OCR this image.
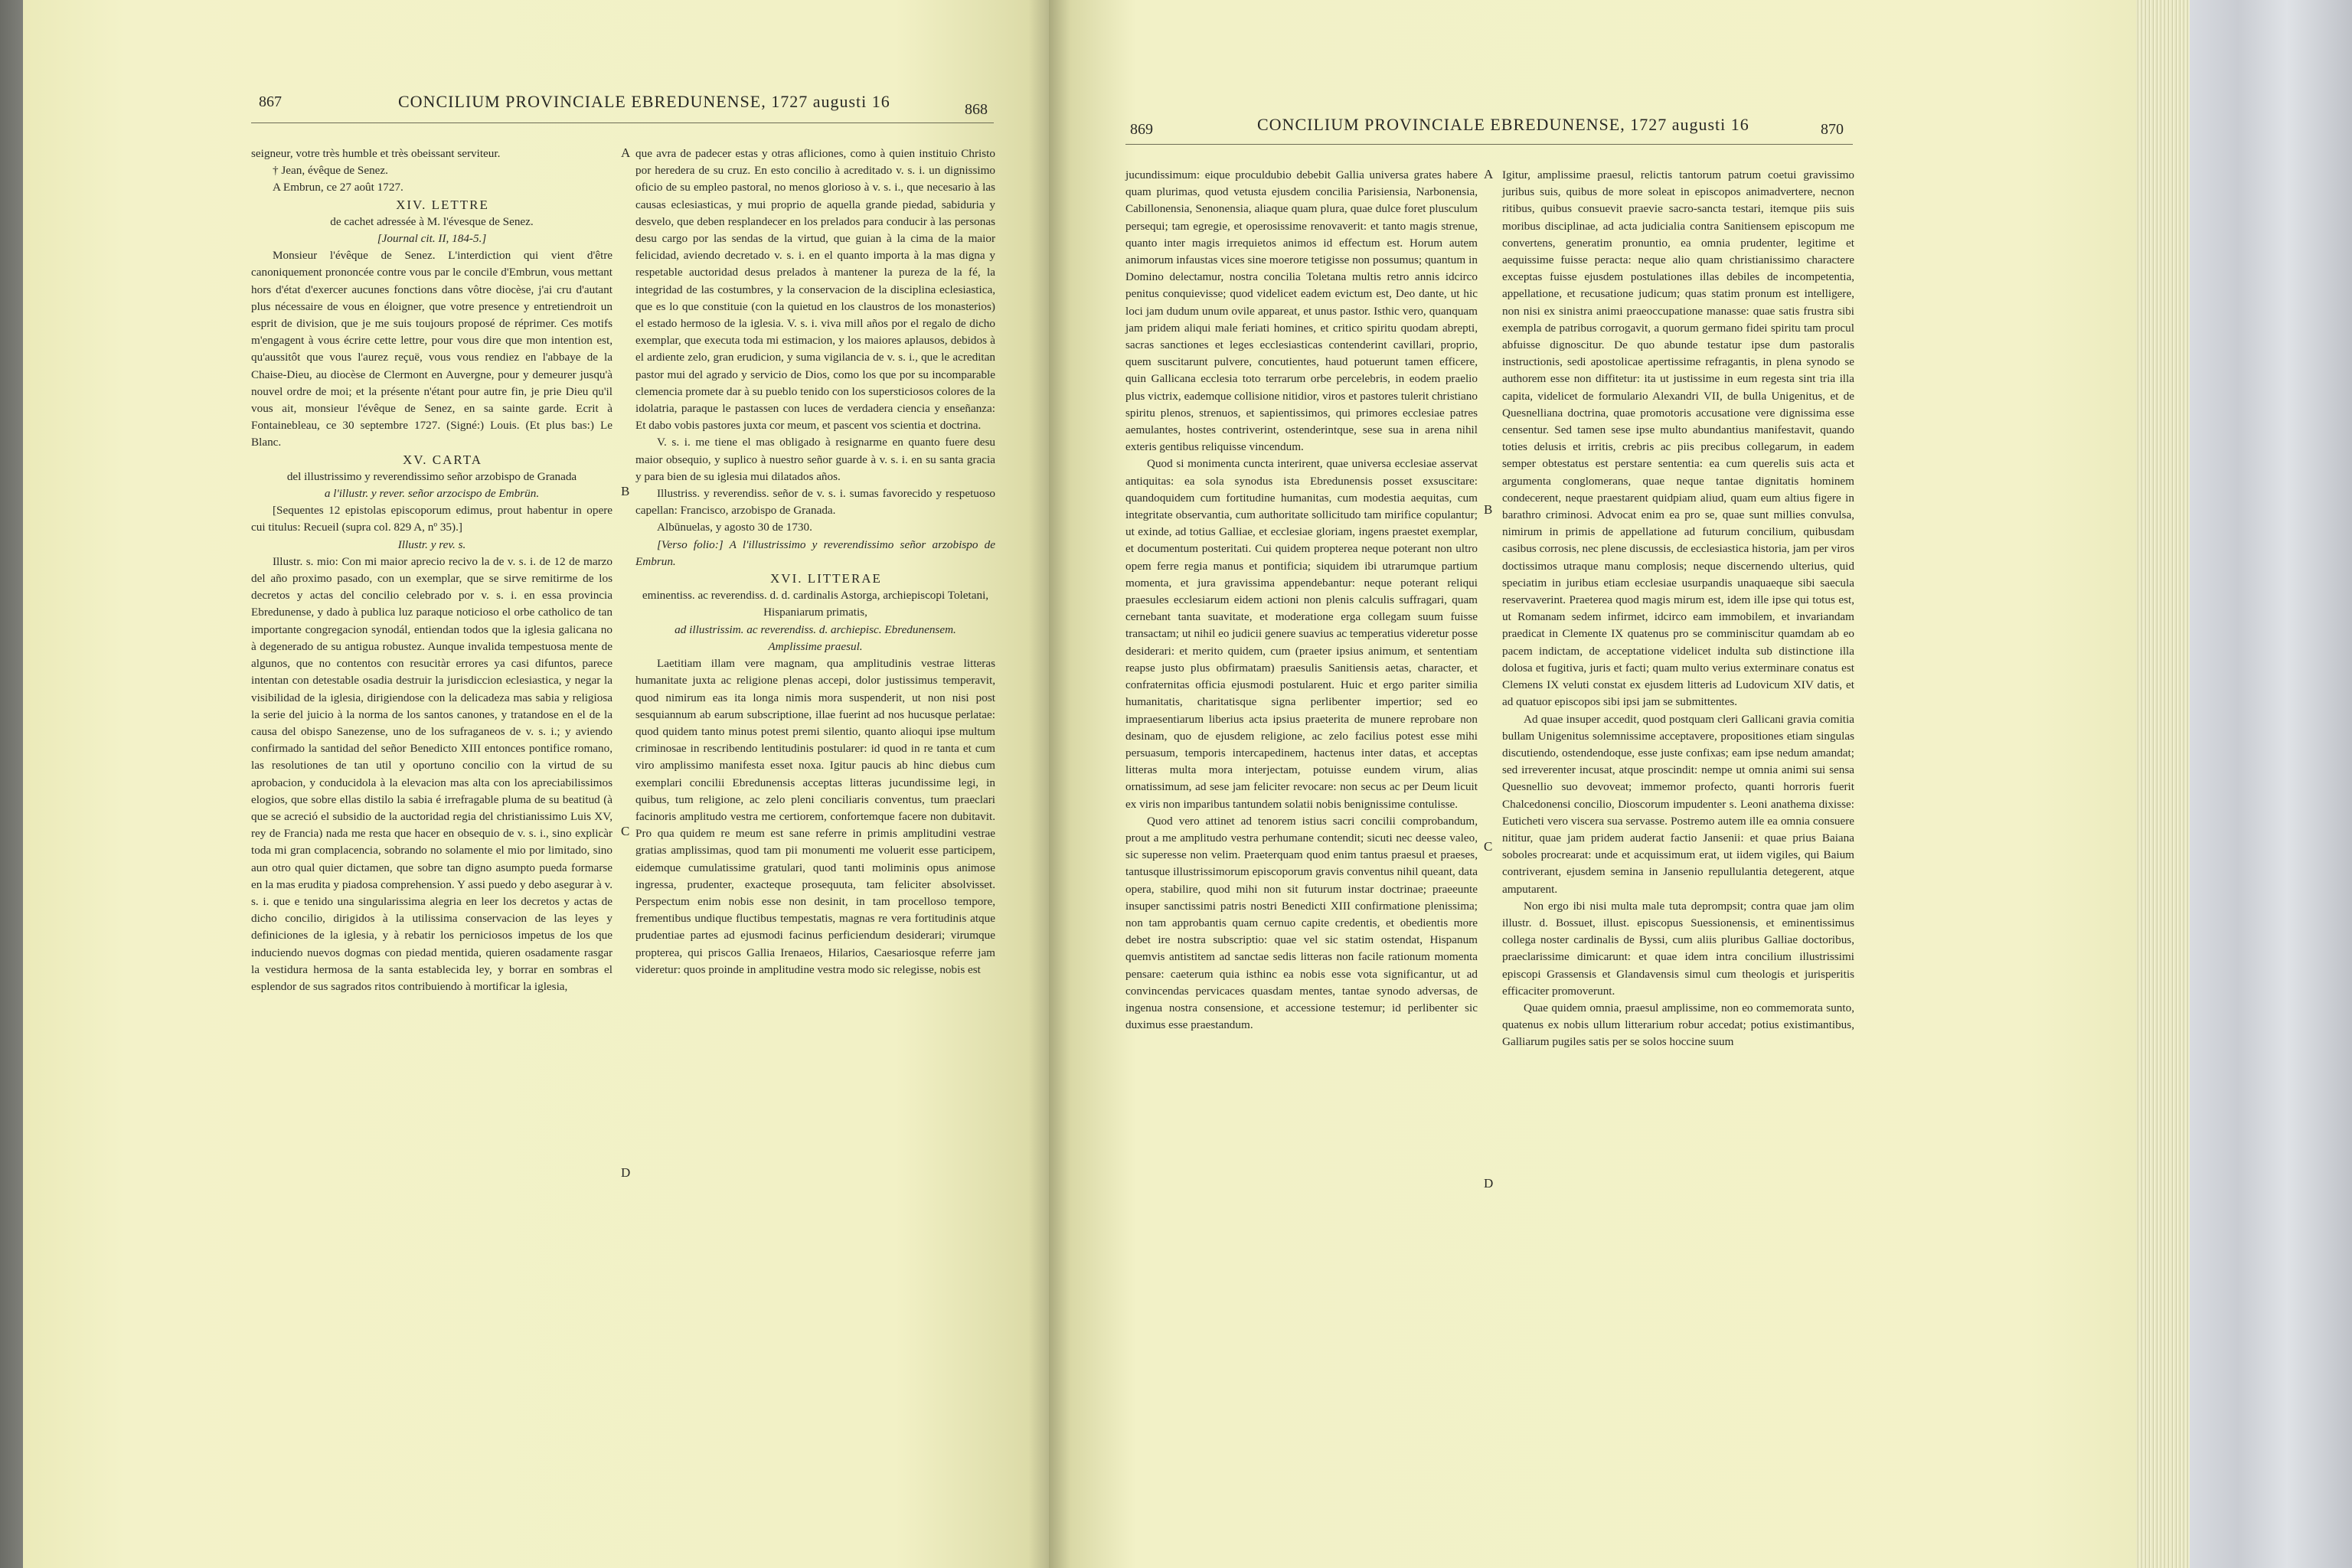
867	CONCILIUM PROVINCIALE EBREDUNENSE, 1727 augusti 16	868

seigneur, votre très humble et très obeissant serviteur.

† Jean, évêque de Senez.

A Embrun, ce 27 août 1727.

XIV. LETTRE

de cachet adressée à M. l'évesque de Senez.

[Journal cit. II, 184-5.]

Monsieur l'évêque de Senez. L'interdiction qui vient d'être canoniquement prononcée contre vous par le concile d'Embrun, vous mettant hors d'état d'exercer aucunes fonctions dans vôtre diocèse, j'ai cru d'autant plus nécessaire de vous en éloigner, que votre presence y entretiendroit un esprit de division, que je me suis toujours proposé de réprimer. Ces motifs m'engagent à vous écrire cette lettre, pour vous dire que mon intention est, qu'aussitôt que vous l'aurez reçuë, vous vous rendiez en l'abbaye de la Chaise-Dieu, au diocèse de Clermont en Auvergne, pour y demeurer jusqu'à nouvel ordre de moi; et la présente n'étant pour autre fin, je prie Dieu qu'il vous ait, monsieur l'évêque de Senez, en sa sainte garde. Ecrit à Fontainebleau, ce 30 septembre 1727. (Signé:) Louis. (Et plus bas:) Le Blanc.

XV. CARTA

del illustrissimo y reverendissimo señor arzobispo de Granada

a l'illustr. y rever. señor arzocispo de Embrün.

[Sequentes 12 epistolas episcoporum edimus, prout habentur in opere cui titulus: Recueil (supra col. 829 A, nº 35).]

Illustr. y rev. s.

Illustr. s. mio: Con mi maior aprecio recivo la de v. s. i. de 12 de marzo del año proximo pasado, con un exemplar, que se sirve remitirme de los decretos y actas del concilio celebrado por v. s. i. en essa provincia Ebredunense, y dado à publica luz paraque noticioso el orbe catholico de tan importante congregacion synodál, entiendan todos que la iglesia galicana no à degenerado de su antigua robustez. Aunque invalida tempestuosa mente de algunos, que no contentos con resucitàr errores ya casi difuntos, parece intentan con detestable osadia destruir la jurisdiccion eclesiastica, y negar la visibilidad de la iglesia, dirigiendose con la delicadeza mas sabia y religiosa la serie del juicio à la norma de los santos canones, y tratandose en el de la causa del obispo Sanezense, uno de los sufraganeos de v. s. i.; y aviendo confirmado la santidad del señor Benedicto XIII entonces pontifice romano, las resolutiones de tan util y oportuno concilio con la virtud de su aprobacion, y conducidola à la elevacion mas alta con los apreciabilissimos elogios, que sobre ellas distilo la sabia é irrefragable pluma de su beatitud (à que se acreció el subsidio de la auctoridad regia del christianissimo Luis XV, rey de Francia) nada me resta que hacer en obsequio de v. s. i., sino explicàr toda mi gran complacencia, sobrando no solamente el mio por limitado, sino aun otro qual quier dictamen, que sobre tan digno asumpto pueda formarse en la mas erudita y piadosa comprehension. Y assi puedo y debo asegurar à v. s. i. que e tenido una singularissima alegria en leer los decretos y actas de dicho concilio, dirigidos à la utilissima conservacion de las leyes y definiciones de la iglesia, y à rebatir los perniciosos impetus de los que induciendo nuevos dogmas con piedad mentida, quieren osadamente rasgar la vestidura hermosa de la santa establecida ley, y borrar en sombras el esplendor de sus sagrados ritos contribuiendo à mortificar la iglesia,

A
B
C
D

que avra de padecer estas y otras afliciones, como à quien instituio Christo por heredera de su cruz. En esto concilio à acreditado v. s. i. un dignissimo oficio de su empleo pastoral, no menos glorioso à v. s. i., que necesario à las causas eclesiasticas, y mui proprio de aquella grande piedad, sabiduria y desvelo, que deben resplandecer en los prelados para conducir à las personas desu cargo por las sendas de la virtud, que guian à la cima de la maior felicidad, aviendo decretado v. s. i. en el quanto importa à la mas digna y respetable auctoridad desus prelados à mantener la pureza de la fé, la integridad de las costumbres, y la conservacion de la disciplina eclesiastica, que es lo que constituie (con la quietud en los claustros de los monasterios) el estado hermoso de la iglesia. V. s. i. viva mill años por el regalo de dicho exemplar, que executa toda mi estimacion, y los maiores aplausos, debidos à el ardiente zelo, gran erudicion, y suma vigilancia de v. s. i., que le acreditan pastor mui del agrado y servicio de Dios, como los que por su incomparable clemencia promete dar à su pueblo tenido con los supersticiosos colores de la idolatria, paraque le pastassen con luces de verdadera ciencia y enseñanza: Et dabo vobis pastores juxta cor meum, et pascent vos scientia et doctrina.

V. s. i. me tiene el mas obligado à resignarme en quanto fuere desu maior obsequio, y suplico à nuestro señor guarde à v. s. i. en su santa gracia y para bien de su iglesia mui dilatados años.

Illustriss. y reverendiss. señor de v. s. i. sumas favorecido y respetuoso capellan: Francisco, arzobispo de Granada.

Albūnuelas, y agosto 30 de 1730.

[Verso folio:] A l'illustrissimo y reverendissimo señor arzobispo de Embrun.

XVI. LITTERAE

eminentiss. ac reverendiss. d. d. cardinalis Astorga, archiepiscopi Toletani, Hispaniarum primatis,

ad illustrissim. ac reverendiss. d. archiepisc. Ebredunensem.

Amplissime praesul.

Laetitiam illam vere magnam, qua amplitudinis vestrae litteras humanitate juxta ac religione plenas accepi, dolor justissimus temperavit, quod nimirum eas ita longa nimis mora suspenderit, ut non nisi post sesquiannum ab earum subscriptione, illae fuerint ad nos hucusque perlatae: quod quidem tanto minus potest premi silentio, quanto alioqui ipse multum criminosae in rescribendo lentitudinis postularer: id quod in re tanta et cum viro amplissimo manifesta esset noxa. Igitur paucis ab hinc diebus cum exemplari concilii Ebredunensis acceptas litteras jucundissime legi, in quibus, tum religione, ac zelo pleni conciliaris conventus, tum praeclari facinoris amplitudo vestra me certiorem, confortemque facere non dubitavit. Pro qua quidem re meum est sane referre in primis amplitudini vestrae gratias amplissimas, quod tam pii monumenti me voluerit esse participem, eidemque cumulatissime gratulari, quod tanti moliminis opus animose ingressa, prudenter, exacteque prosequuta, tam feliciter absolvisset. Perspectum enim nobis esse non desinit, in tam procelloso tempore, frementibus undique fluctibus tempestatis, magnas re vera fortitudinis atque prudentiae partes ad ejusmodi facinus perficiendum desiderari; virumque propterea, qui priscos Gallia Irenaeos, Hilarios, Caesariosque referre jam videretur: quos proinde in amplitudine vestra modo sic relegisse, nobis est

869	CONCILIUM PROVINCIALE EBREDUNENSE, 1727 augusti 16	870

jucundissimum: eique proculdubio debebit Gallia universa grates habere quam plurimas, quod vetusta ejusdem concilia Parisiensia, Narbonensia, Cabillonensia, Senonensia, aliaque quam plura, quae dulce foret plusculum persequi; tam egregie, et operosissime renovaverit: et tanto magis strenue, quanto inter magis irrequietos animos id effectum est. Horum autem animorum infaustas vices sine moerore tetigisse non possumus; quantum in Domino delectamur, nostra concilia Toletana multis retro annis idcirco penitus conquievisse; quod videlicet eadem evictum est, Deo dante, ut hic loci jam dudum unum ovile appareat, et unus pastor. Isthic vero, quanquam jam pridem aliqui male feriati homines, et critico spiritu quodam abrepti, sacras sanctiones et leges ecclesiasticas contenderint cavillari, proprio, quem suscitarunt pulvere, concutientes, haud potuerunt tamen efficere, quin Gallicana ecclesia toto terrarum orbe percelebris, in eodem praelio plus victrix, eademque collisione nitidior, viros et pastores tulerit christiano spiritu plenos, strenuos, et sapientissimos, qui primores ecclesiae patres aemulantes, hostes contriverint, ostenderintque, sese sua in arena nihil exteris gentibus reliquisse vincendum.

Quod si monimenta cuncta interirent, quae universa ecclesiae asservat antiquitas: ea sola synodus ista Ebredunensis posset exsuscitare: quandoquidem cum fortitudine humanitas, cum modestia aequitas, cum integritate observantia, cum authoritate sollicitudo tam mirifice copulantur; ut exinde, ad totius Galliae, et ecclesiae gloriam, ingens praestet exemplar, et documentum posteritati. Cui quidem propterea neque poterant non ultro opem ferre regia manus et pontificia; siquidem ibi utrarumque partium momenta, et jura gravissima appendebantur: neque poterant reliqui praesules ecclesiarum eidem actioni non plenis calculis suffragari, quam cernebant tanta suavitate, et moderatione erga collegam suum fuisse transactam; ut nihil eo judicii genere suavius ac temperatius videretur posse desiderari: et merito quidem, cum (praeter ipsius animum, et sententiam reapse justo plus obfirmatam) praesulis Sanitiensis aetas, character, et confraternitas officia ejusmodi postularent. Huic et ergo pariter similia humanitatis, charitatisque signa perlibenter impertior; sed eo impraesentiarum liberius acta ipsius praeterita de munere reprobare non desinam, quo de ejusdem religione, ac zelo facilius potest esse mihi persuasum, temporis intercapedinem, hactenus inter datas, et acceptas litteras multa mora interjectam, potuisse eundem virum, alias ornatissimum, ad sese jam feliciter revocare: non secus ac per Deum licuit ex viris non imparibus tantundem solatii nobis benignissime contulisse.

Quod vero attinet ad tenorem istius sacri concilii comprobandum, prout a me amplitudo vestra perhumane contendit; sicuti nec deesse valeo, sic superesse non velim. Praeterquam quod enim tantus praesul et praeses, tantusque illustrissimorum episcoporum gravis conventus nihil queant, data opera, stabilire, quod mihi non sit futurum instar doctrinae; praeeunte insuper sanctissimi patris nostri Benedicti XIII confirmatione plenissima; non tam approbantis quam cernuo capite credentis, et obedientis more debet ire nostra subscriptio: quae vel sic statim ostendat, Hispanum quemvis antistitem ad sanctae sedis litteras non facile rationum momenta pensare: caeterum quia isthinc ea nobis esse vota significantur, ut ad convincendas pervicaces quasdam mentes, tantae synodo adversas, de ingenua nostra consensione, et accessione testemur; id perlibenter sic duximus esse praestandum.

A
B
C
D

Igitur, amplissime praesul, relictis tantorum patrum coetui gravissimo juribus suis, quibus de more soleat in episcopos animadvertere, necnon ritibus, quibus consuevit praevie sacro-sancta testari, itemque piis suis moribus disciplinae, ad acta judicialia contra Sanitiensem episcopum me convertens, generatim pronuntio, ea omnia prudenter, legitime et aequissime fuisse peracta: neque alio quam christianissimo charactere exceptas fuisse ejusdem postulationes illas debiles de incompetentia, appellatione, et recusatione judicum; quas statim pronum est intelligere, non nisi ex sinistra animi praeoccupatione manasse: quae satis frustra sibi exempla de patribus corrogavit, a quorum germano fidei spiritu tam procul abfuisse dignoscitur. De quo abunde testatur ipse dum pastoralis instructionis, sedi apostolicae apertissime refragantis, in plena synodo se authorem esse non diffitetur: ita ut justissime in eum regesta sint tria illa capita, videlicet de formulario Alexandri VII, de bulla Unigenitus, et de Quesnelliana doctrina, quae promotoris accusatione vere dignissima esse censentur. Sed tamen sese ipse multo abundantius manifestavit, quando toties delusis et irritis, crebris ac piis precibus collegarum, in eadem semper obtestatus est perstare sententia: ea cum querelis suis acta et argumenta conglomerans, quae neque tantae dignitatis hominem condecerent, neque praestarent quidpiam aliud, quam eum altius figere in barathro criminosi. Advocat enim ea pro se, quae sunt millies convulsa, nimirum in primis de appellatione ad futurum concilium, quibusdam casibus corrosis, nec plene discussis, de ecclesiastica historia, jam per viros doctissimos utraque manu complosis; neque discernendo ulterius, quid speciatim in juribus etiam ecclesiae usurpandis unaquaeque sibi saecula reservaverint. Praeterea quod magis mirum est, idem ille ipse qui totus est, ut Romanam sedem infirmet, idcirco eam immobilem, et invariandam praedicat in Clemente IX quatenus pro se comminiscitur quamdam ab eo pacem indictam, de acceptatione videlicet indulta sub distinctione illa dolosa et fugitiva, juris et facti; quam multo verius exterminare conatus est Clemens IX veluti constat ex ejusdem litteris ad Ludovicum XIV datis, et ad quatuor episcopos sibi ipsi jam se submittentes.

Ad quae insuper accedit, quod postquam cleri Gallicani gravia comitia bullam Unigenitus solemnissime acceptavere, propositiones etiam singulas discutiendo, ostendendoque, esse juste confixas; eam ipse nedum amandat; sed irreverenter incusat, atque proscindit: nempe ut omnia animi sui sensa Quesnellio suo devoveat; immemor profecto, quanti horroris fuerit Chalcedonensi concilio, Dioscorum impudenter s. Leoni anathema dixisse: Euticheti vero viscera sua servasse. Postremo autem ille ea omnia consuere nititur, quae jam pridem auderat factio Jansenii: et quae prius Baiana soboles procrearat: unde et acquissimum erat, ut iidem vigiles, qui Baium contriverant, ejusdem semina in Jansenio repullulantia detegerent, atque amputarent.

Non ergo ibi nisi multa male tuta deprompsit; contra quae jam olim illustr. d. Bossuet, illust. episcopus Suessionensis, et eminentissimus collega noster cardinalis de Byssi, cum aliis pluribus Galliae doctoribus, praeclarissime dimicarunt: et quae idem intra concilium illustrissimi episcopi Grassensis et Glandavensis simul cum theologis et jurisperitis efficaciter promoverunt.

Quae quidem omnia, praesul amplissime, non eo commemorata sunto, quatenus ex nobis ullum litterarium robur accedat; potius existimantibus, Galliarum pugiles satis per se solos hoccine suum
